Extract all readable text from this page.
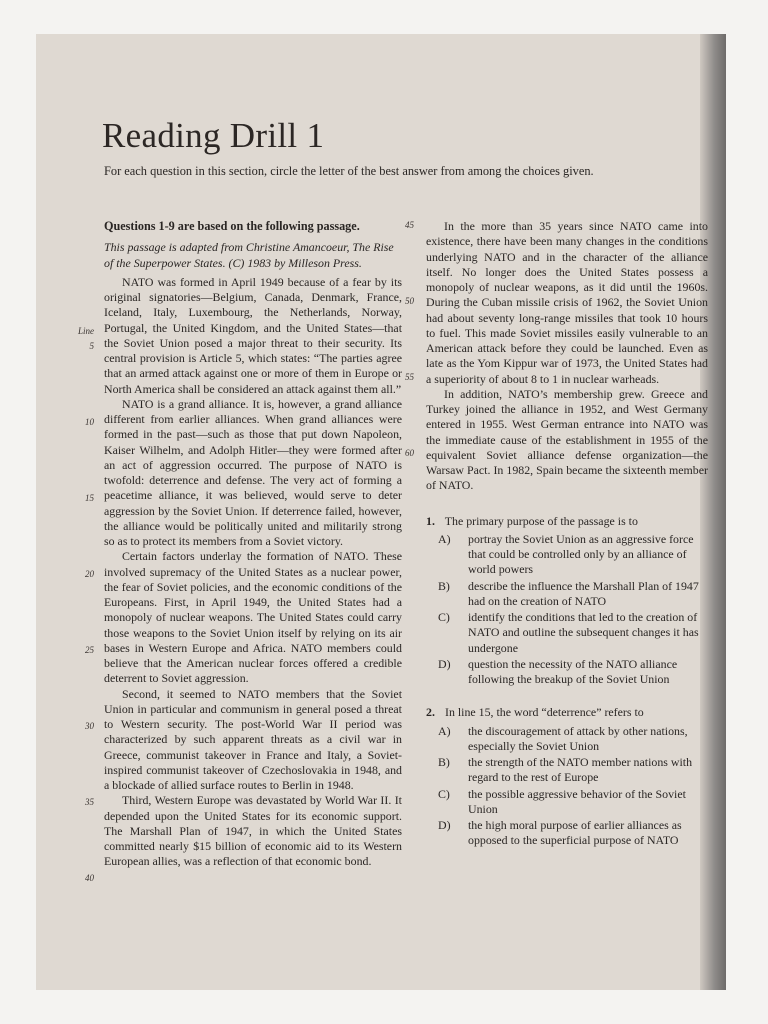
Reading Drill 1
For each question in this section, circle the letter of the best answer from among the choices given.
Line
5
10
15
20
25
30
35
40
45
50
55
60
Questions 1-9 are based on the following passage.
This passage is adapted from Christine Amancoeur, The Rise of the Superpower States. (C) 1983 by Milleson Press.

NATO was formed in April 1949 because of a fear by its original signatories—Belgium, Canada, Denmark, France, Iceland, Italy, Luxembourg, the Netherlands, Norway, Portugal, the United Kingdom, and the United States—that the Soviet Union posed a major threat to their security. Its central provision is Article 5, which states: “The parties agree that an armed attack against one or more of them in Europe or North America shall be considered an attack against them all.”

NATO is a grand alliance. It is, however, a grand alliance different from earlier alliances. When grand alliances were formed in the past—such as those that put down Napoleon, Kaiser Wilhelm, and Adolph Hitler—they were formed after an act of aggression occurred. The purpose of NATO is twofold: deterrence and defense. The very act of forming a peacetime alliance, it was believed, would serve to deter aggression by the Soviet Union. If deterrence failed, however, the alliance would be politically united and militarily strong so as to protect its members from a Soviet victory.

Certain factors underlay the formation of NATO. These involved supremacy of the United States as a nuclear power, the fear of Soviet policies, and the economic conditions of the Europeans. First, in April 1949, the United States had a monopoly of nuclear weapons. The United States could carry those weapons to the Soviet Union itself by relying on its air bases in Western Europe and Africa. NATO members could believe that the American nuclear forces offered a credible deterrent to Soviet aggression.

Second, it seemed to NATO members that the Soviet Union in particular and communism in general posed a threat to Western security. The post-World War II period was characterized by such apparent threats as a civil war in Greece, communist takeover in France and Italy, a Soviet-inspired communist takeover of Czechoslovakia in 1948, and a blockade of allied surface routes to Berlin in 1948.

Third, Western Europe was devastated by World War II. It depended upon the United States for its economic support. The Marshall Plan of 1947, in which the United States committed nearly $15 billion of economic aid to its Western European allies, was a reflection of that economic bond.

In the more than 35 years since NATO came into existence, there have been many changes in the conditions underlying NATO and in the character of the alliance itself. No longer does the United States possess a monopoly of nuclear weapons, as it did until the 1960s. During the Cuban missile crisis of 1962, the Soviet Union had about seventy long-range missiles that took 10 hours to fuel. This made Soviet missiles easily vulnerable to an American attack before they could be launched. Even as late as the Yom Kippur war of 1973, the United States had a superiority of about 8 to 1 in nuclear warheads.

In addition, NATO’s membership grew. Greece and Turkey joined the alliance in 1952, and West Germany entered in 1955. West German entrance into NATO was the immediate cause of the establishment in 1955 of the equivalent Soviet alliance defense organization—the Warsaw Pact. In 1982, Spain became the sixteenth member of NATO.

1. The primary purpose of the passage is to
A)	portray the Soviet Union as an aggressive force that could be controlled only by an alliance of world powers
B)	describe the influence the Marshall Plan of 1947 had on the creation of NATO
C)	identify the conditions that led to the creation of NATO and outline the subsequent changes it has undergone
D)	question the necessity of the NATO alliance following the breakup of the Soviet Union
2. In line 15, the word “deterrence” refers to
A)	the discouragement of attack by other nations, especially the Soviet Union
B)	the strength of the NATO member nations with regard to the rest of Europe
C)	the possible aggressive behavior of the Soviet Union
D)	the high moral purpose of earlier alliances as opposed to the superficial purpose of NATO
